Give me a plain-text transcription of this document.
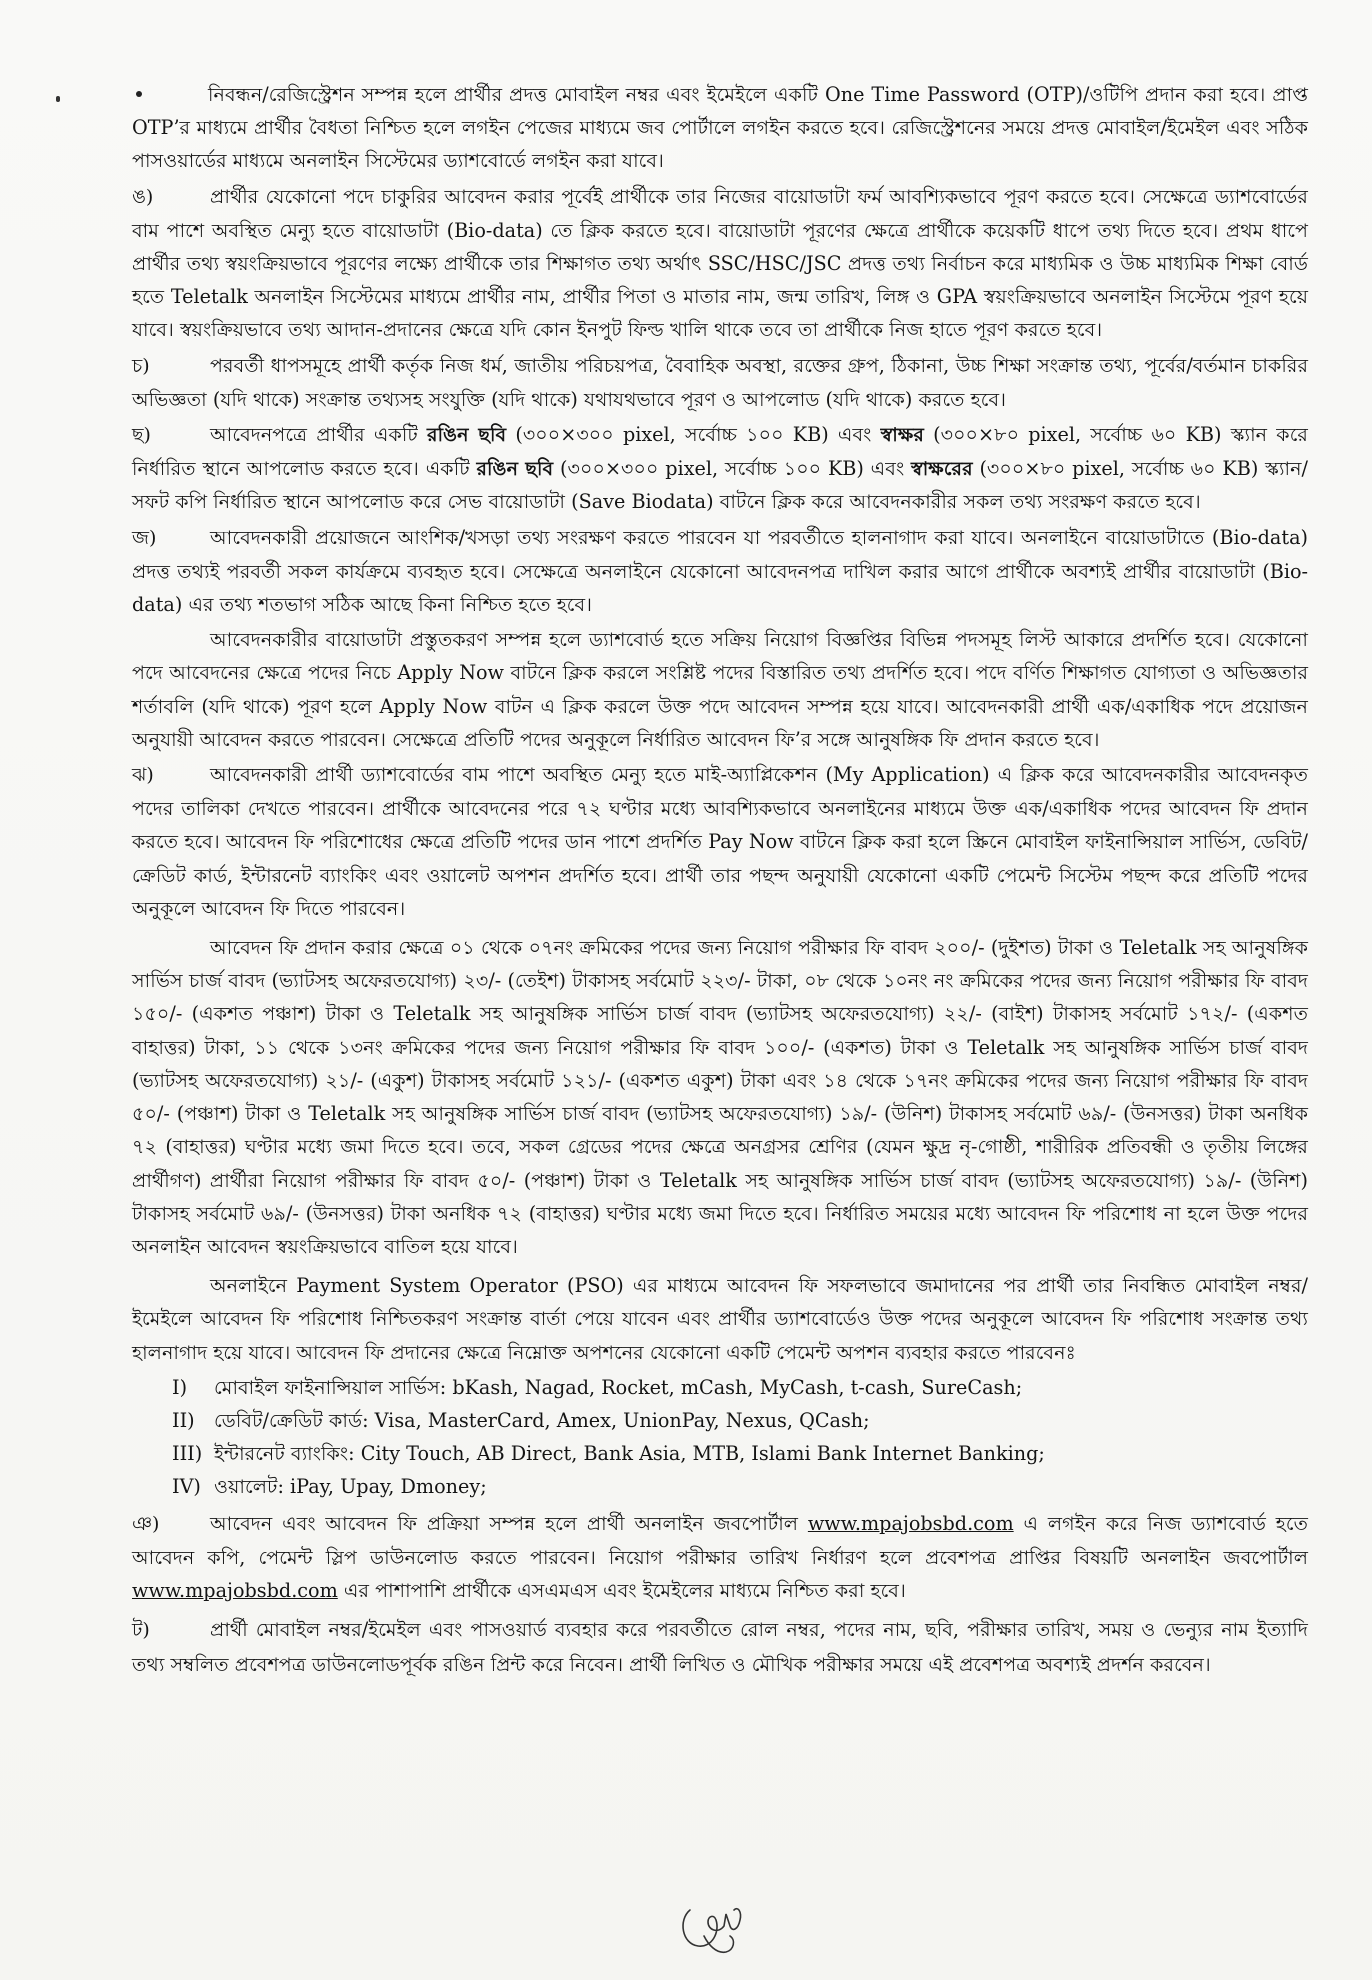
নিবন্ধন/রেজিস্ট্রেশন সম্পন্ন হলে প্রার্থীর প্রদত্ত মোবাইল নম্বর এবং ইমেইলে একটি One Time Password (OTP)/ওটিপি প্রদান করা হবে। প্রাপ্ত OTP’র মাধ্যমে প্রার্থীর বৈধতা নিশ্চিত হলে লগইন পেজের মাধ্যমে জব পোর্টালে লগইন করতে হবে। রেজিস্ট্রেশনের সময়ে প্রদত্ত মোবাইল/ইমেইল এবং সঠিক পাসওয়ার্ডের মাধ্যমে অনলাইন সিস্টেমের ড্যাশবোর্ডে লগইন করা যাবে।

ঙ)	প্রার্থীর যেকোনো পদে চাকুরির আবেদন করার পূর্বেই প্রার্থীকে তার নিজের বায়োডাটা ফর্ম আবশ্যিকভাবে পূরণ করতে হবে। সেক্ষেত্রে ড্যাশবোর্ডের বাম পাশে অবস্থিত মেন্যু হতে বায়োডাটা (Bio-data) তে ক্লিক করতে হবে। বায়োডাটা পূরণের ক্ষেত্রে প্রার্থীকে কয়েকটি ধাপে তথ্য দিতে হবে। প্রথম ধাপে প্রার্থীর তথ্য স্বয়ংক্রিয়ভাবে পূরণের লক্ষ্যে প্রার্থীকে তার শিক্ষাগত তথ্য অর্থাৎ SSC/HSC/JSC প্রদত্ত তথ্য নির্বাচন করে মাধ্যমিক ও উচ্চ মাধ্যমিক শিক্ষা বোর্ড হতে Teletalk অনলাইন সিস্টেমের মাধ্যমে প্রার্থীর নাম, প্রার্থীর পিতা ও মাতার নাম, জন্ম তারিখ, লিঙ্গ ও GPA স্বয়ংক্রিয়ভাবে অনলাইন সিস্টেমে পূরণ হয়ে যাবে। স্বয়ংক্রিয়ভাবে তথ্য আদান-প্রদানের ক্ষেত্রে যদি কোন ইনপুট ফিল্ড খালি থাকে তবে তা প্রার্থীকে নিজ হাতে পূরণ করতে হবে।

চ)	পরবর্তী ধাপসমূহে প্রার্থী কর্তৃক নিজ ধর্ম, জাতীয় পরিচয়পত্র, বৈবাহিক অবস্থা, রক্তের গ্রুপ, ঠিকানা, উচ্চ শিক্ষা সংক্রান্ত তথ্য, পূর্বের/বর্তমান চাকরির অভিজ্ঞতা (যদি থাকে) সংক্রান্ত তথ্যসহ সংযুক্তি (যদি থাকে) যথাযথভাবে পূরণ ও আপলোড (যদি থাকে) করতে হবে।

ছ)	আবেদনপত্রে প্রার্থীর একটি রঙিন ছবি (৩০০×৩০০ pixel, সর্বোচ্চ ১০০ KB) এবং স্বাক্ষর (৩০০×৮০ pixel, সর্বোচ্চ ৬০ KB) স্ক্যান করে নির্ধারিত স্থানে আপলোড করতে হবে। একটি রঙিন ছবি (৩০০×৩০০ pixel, সর্বোচ্চ ১০০ KB) এবং স্বাক্ষরের (৩০০×৮০ pixel, সর্বোচ্চ ৬০ KB) স্ক্যান/সফট কপি নির্ধারিত স্থানে আপলোড করে সেভ বায়োডাটা (Save Biodata) বাটনে ক্লিক করে আবেদনকারীর সকল তথ্য সংরক্ষণ করতে হবে।

জ)	আবেদনকারী প্রয়োজনে আংশিক/খসড়া তথ্য সংরক্ষণ করতে পারবেন যা পরবর্তীতে হালনাগাদ করা যাবে। অনলাইনে বায়োডাটাতে (Bio-data) প্রদত্ত তথ্যই পরবর্তী সকল কার্যক্রমে ব্যবহৃত হবে। সেক্ষেত্রে অনলাইনে যেকোনো আবেদনপত্র দাখিল করার আগে প্রার্থীকে অবশ্যই প্রার্থীর বায়োডাটা (Bio-data) এর তথ্য শতভাগ সঠিক আছে কিনা নিশ্চিত হতে হবে।

আবেদনকারীর বায়োডাটা প্রস্তুতকরণ সম্পন্ন হলে ড্যাশবোর্ড হতে সক্রিয় নিয়োগ বিজ্ঞপ্তির বিভিন্ন পদসমূহ লিস্ট আকারে প্রদর্শিত হবে। যেকোনো পদে আবেদনের ক্ষেত্রে পদের নিচে Apply Now বাটনে ক্লিক করলে সংশ্লিষ্ট পদের বিস্তারিত তথ্য প্রদর্শিত হবে। পদে বর্ণিত শিক্ষাগত যোগ্যতা ও অভিজ্ঞতার শর্তাবলি (যদি থাকে) পূরণ হলে Apply Now বাটন এ ক্লিক করলে উক্ত পদে আবেদন সম্পন্ন হয়ে যাবে। আবেদনকারী প্রার্থী এক/একাধিক পদে প্রয়োজন অনুযায়ী আবেদন করতে পারবেন। সেক্ষেত্রে প্রতিটি পদের অনুকূলে নির্ধারিত আবেদন ফি’র সঙ্গে আনুষঙ্গিক ফি প্রদান করতে হবে।

ঝ)	আবেদনকারী প্রার্থী ড্যাশবোর্ডের বাম পাশে অবস্থিত মেন্যু হতে মাই-অ্যাপ্লিকেশন (My Application) এ ক্লিক করে আবেদনকারীর আবেদনকৃত পদের তালিকা দেখতে পারবেন। প্রার্থীকে আবেদনের পরে ৭২ ঘণ্টার মধ্যে আবশ্যিকভাবে অনলাইনের মাধ্যমে উক্ত এক/একাধিক পদের আবেদন ফি প্রদান করতে হবে। আবেদন ফি পরিশোধের ক্ষেত্রে প্রতিটি পদের ডান পাশে প্রদর্শিত Pay Now বাটনে ক্লিক করা হলে স্ক্রিনে মোবাইল ফাইনান্সিয়াল সার্ভিস, ডেবিট/ক্রেডিট কার্ড, ইন্টারনেট ব্যাংকিং এবং ওয়ালেট অপশন প্রদর্শিত হবে। প্রার্থী তার পছন্দ অনুযায়ী যেকোনো একটি পেমেন্ট সিস্টেম পছন্দ করে প্রতিটি পদের অনুকূলে আবেদন ফি দিতে পারবেন।

আবেদন ফি প্রদান করার ক্ষেত্রে ০১ থেকে ০৭নং ক্রমিকের পদের জন্য নিয়োগ পরীক্ষার ফি বাবদ ২০০/- (দুইশত) টাকা ও Teletalk সহ আনুষঙ্গিক সার্ভিস চার্জ বাবদ (ভ্যাটসহ অফেরতযোগ্য) ২৩/- (তেইশ) টাকাসহ সর্বমোট ২২৩/- টাকা, ০৮ থেকে ১০নং নং ক্রমিকের পদের জন্য নিয়োগ পরীক্ষার ফি বাবদ ১৫০/- (একশত পঞ্চাশ) টাকা ও Teletalk সহ আনুষঙ্গিক সার্ভিস চার্জ বাবদ (ভ্যাটসহ অফেরতযোগ্য) ২২/- (বাইশ) টাকাসহ সর্বমোট ১৭২/- (একশত বাহাত্তর) টাকা, ১১ থেকে ১৩নং ক্রমিকের পদের জন্য নিয়োগ পরীক্ষার ফি বাবদ ১০০/- (একশত) টাকা ও Teletalk সহ আনুষঙ্গিক সার্ভিস চার্জ বাবদ (ভ্যাটসহ অফেরতযোগ্য) ২১/- (একুশ) টাকাসহ সর্বমোট ১২১/- (একশত একুশ) টাকা এবং ১৪ থেকে ১৭নং ক্রমিকের পদের জন্য নিয়োগ পরীক্ষার ফি বাবদ ৫০/- (পঞ্চাশ) টাকা ও Teletalk সহ আনুষঙ্গিক সার্ভিস চার্জ বাবদ (ভ্যাটসহ অফেরতযোগ্য) ১৯/- (উনিশ) টাকাসহ সর্বমোট ৬৯/- (উনসত্তর) টাকা অনধিক ৭২ (বাহাত্তর) ঘণ্টার মধ্যে জমা দিতে হবে। তবে, সকল গ্রেডের পদের ক্ষেত্রে অনগ্রসর শ্রেণির (যেমন ক্ষুদ্র নৃ-গোষ্ঠী, শারীরিক প্রতিবন্ধী ও তৃতীয় লিঙ্গের প্রার্থীগণ) প্রার্থীরা নিয়োগ পরীক্ষার ফি বাবদ ৫০/- (পঞ্চাশ) টাকা ও Teletalk সহ আনুষঙ্গিক সার্ভিস চার্জ বাবদ (ভ্যাটসহ অফেরতযোগ্য) ১৯/- (উনিশ) টাকাসহ সর্বমোট ৬৯/- (উনসত্তর) টাকা অনধিক ৭২ (বাহাত্তর) ঘণ্টার মধ্যে জমা দিতে হবে। নির্ধারিত সময়ের মধ্যে আবেদন ফি পরিশোধ না হলে উক্ত পদের অনলাইন আবেদন স্বয়ংক্রিয়ভাবে বাতিল হয়ে যাবে।

অনলাইনে Payment System Operator (PSO) এর মাধ্যমে আবেদন ফি সফলভাবে জমাদানের পর প্রার্থী তার নিবন্ধিত মোবাইল নম্বর/ইমেইলে আবেদন ফি পরিশোধ নিশ্চিতকরণ সংক্রান্ত বার্তা পেয়ে যাবেন এবং প্রার্থীর ড্যাশবোর্ডেও উক্ত পদের অনুকূলে আবেদন ফি পরিশোধ সংক্রান্ত তথ্য হালনাগাদ হয়ে যাবে। আবেদন ফি প্রদানের ক্ষেত্রে নিম্নোক্ত অপশনের যেকোনো একটি পেমেন্ট অপশন ব্যবহার করতে পারবেনঃ

I) মোবাইল ফাইনান্সিয়াল সার্ভিস: bKash, Nagad, Rocket, mCash, MyCash, t-cash, SureCash;
II) ডেবিট/ক্রেডিট কার্ড: Visa, MasterCard, Amex, UnionPay, Nexus, QCash;
III) ইন্টারনেট ব্যাংকিং: City Touch, AB Direct, Bank Asia, MTB, Islami Bank Internet Banking;
IV) ওয়ালেট: iPay, Upay, Dmoney;

ঞ)	আবেদন এবং আবেদন ফি প্রক্রিয়া সম্পন্ন হলে প্রার্থী অনলাইন জবপোর্টাল www.mpajobsbd.com এ লগইন করে নিজ ড্যাশবোর্ড হতে আবেদন কপি, পেমেন্ট স্লিপ ডাউনলোড করতে পারবেন। নিয়োগ পরীক্ষার তারিখ নির্ধারণ হলে প্রবেশপত্র প্রাপ্তির বিষয়টি অনলাইন জবপোর্টাল www.mpajobsbd.com এর পাশাপাশি প্রার্থীকে এসএমএস এবং ইমেইলের মাধ্যমে নিশ্চিত করা হবে।

ট)	প্রার্থী মোবাইল নম্বর/ইমেইল এবং পাসওয়ার্ড ব্যবহার করে পরবর্তীতে রোল নম্বর, পদের নাম, ছবি, পরীক্ষার তারিখ, সময় ও ভেন্যুর নাম ইত্যাদি তথ্য সম্বলিত প্রবেশপত্র ডাউনলোডপূর্বক রঙিন প্রিন্ট করে নিবেন। প্রার্থী লিখিত ও মৌখিক পরীক্ষার সময়ে এই প্রবেশপত্র অবশ্যই প্রদর্শন করবেন।
